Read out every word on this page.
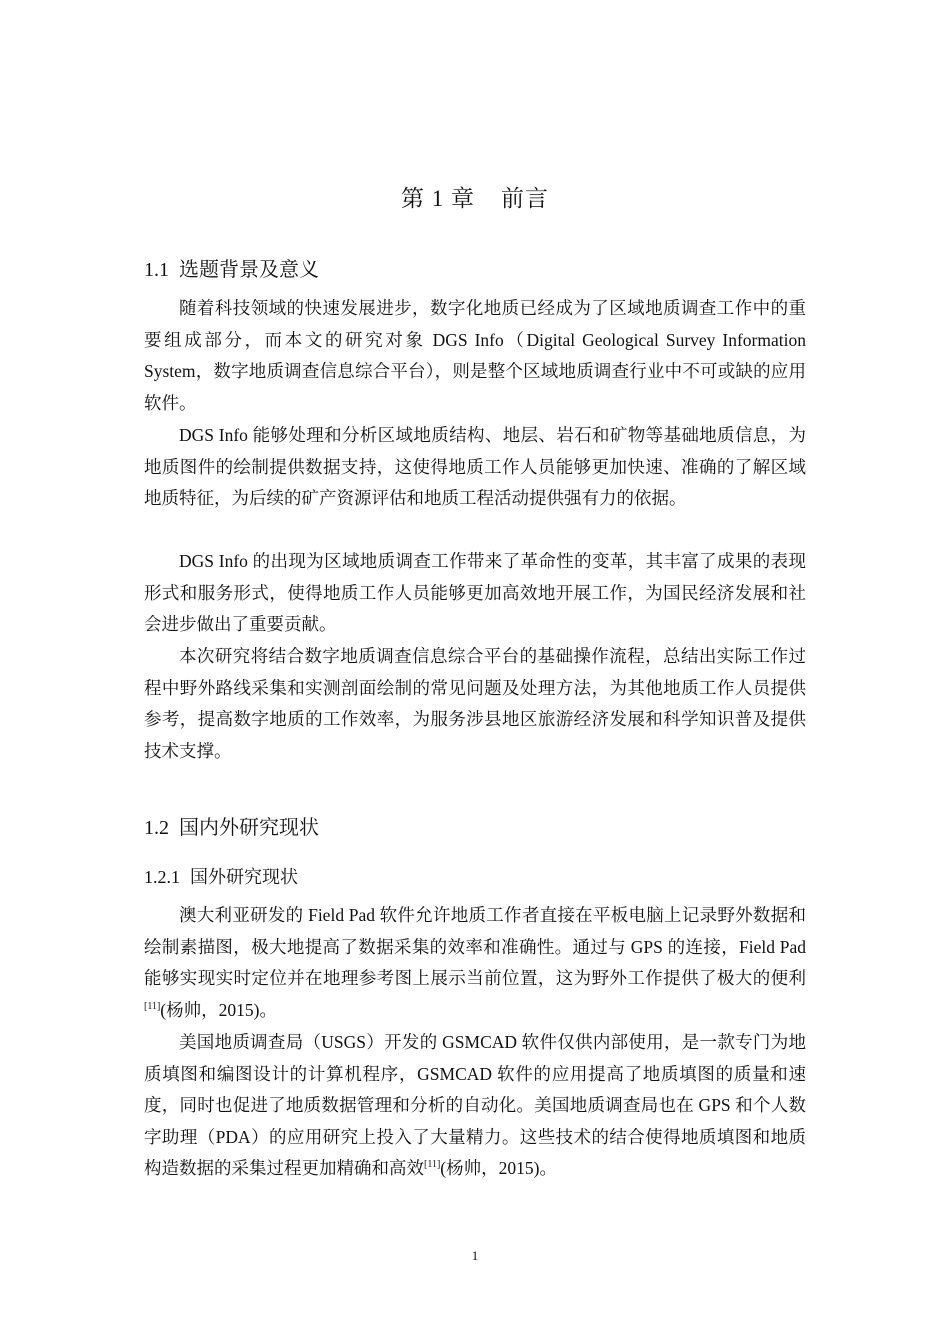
第 1 章 前言
1.1 选题背景及意义

随着科技领域的快速发展进步，数字化地质已经成为了区域地质调查工作中的重要组成部分，而本文的研究对象 DGS Info（Digital Geological Survey Information System，数字地质调查信息综合平台），则是整个区域地质调查行业中不可或缺的应用软件。

DGS Info 能够处理和分析区域地质结构、地层、岩石和矿物等基础地质信息，为地质图件的绘制提供数据支持，这使得地质工作人员能够更加快速、准确的了解区域地质特征，为后续的矿产资源评估和地质工程活动提供强有力的依据。

DGS Info 的出现为区域地质调查工作带来了革命性的变革，其丰富了成果的表现形式和服务形式，使得地质工作人员能够更加高效地开展工作，为国民经济发展和社会进步做出了重要贡献。

本次研究将结合数字地质调查信息综合平台的基础操作流程，总结出实际工作过程中野外路线采集和实测剖面绘制的常见问题及处理方法，为其他地质工作人员提供参考，提高数字地质的工作效率，为服务涉县地区旅游经济发展和科学知识普及提供技术支撑。

1.2 国内外研究现状
1.2.1 国外研究现状

澳大利亚研发的 Field Pad 软件允许地质工作者直接在平板电脑上记录野外数据和绘制素描图，极大地提高了数据采集的效率和准确性。通过与 GPS 的连接，Field Pad 能够实现实时定位并在地理参考图上展示当前位置，这为野外工作提供了极大的便利[11](杨帅，2015)。

美国地质调查局（USGS）开发的 GSMCAD 软件仅供内部使用，是一款专门为地质填图和编图设计的计算机程序，GSMCAD 软件的应用提高了地质填图的质量和速度，同时也促进了地质数据管理和分析的自动化。美国地质调查局也在 GPS 和个人数字助理（PDA）的应用研究上投入了大量精力。这些技术的结合使得地质填图和地质构造数据的采集过程更加精确和高效[11](杨帅，2015)。

1
